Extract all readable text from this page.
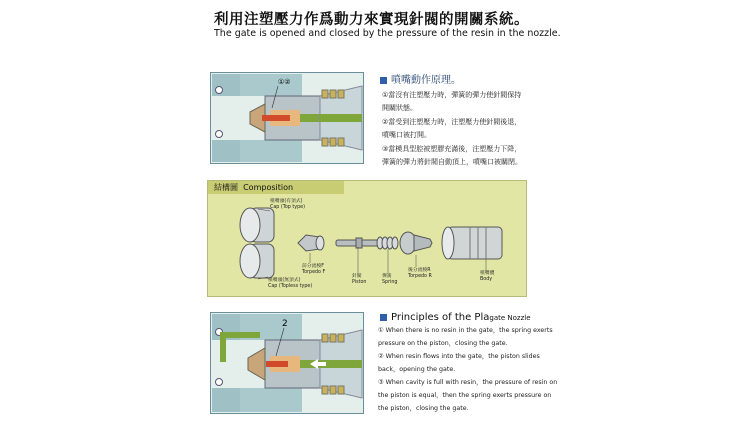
利用注塑壓力作爲動力來實現針閥的開關系統。
The gate is opened and closed by the pressure of the resin in the nozzle.
①②	噴嘴動作原理。
①當沒有注塑壓力時，彈簧的彈力使針閥保持
開關狀態。
②當受到注塑壓力時，注塑壓力使針閥後退，
噴嘴口被打開。
③當模具型腔被塑膠充滿後，注塑壓力下降，
彈簧的彈力將針閥自動頂上，噴嘴口被關閉。
結構圖 Composition
噴嘴頭(有頂式)
Cap (Top type)
噴嘴頭(無頂式)
Cap (Topless type)
前分流梭F
Torpedo F
針閥
Piston
彈簧
Spring
後分流梭R
Torpedo R
噴嘴體
Body
2
Principles of the Plagate Nozzle
① When there is no resin in the gate，the spring exerts
pressure on the piston，closing the gate.
② When resin flows into the gate，the piston slides
back，opening the gate.
③ When cavity is full with resin，the pressure of resin on
the piston is equal，then the spring exerts pressure on
the piston，closing the gate.
